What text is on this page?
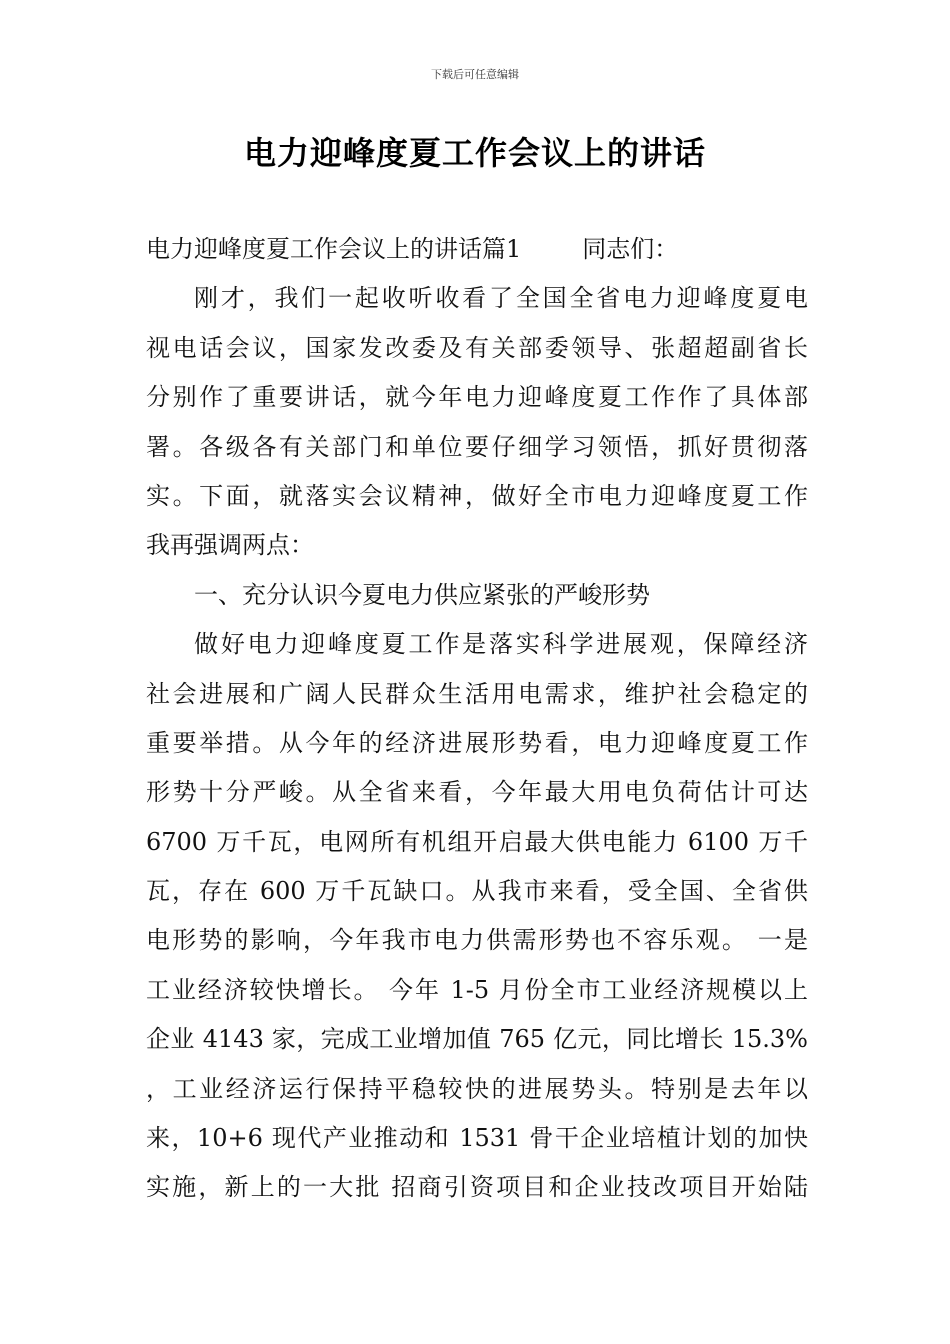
下载后可任意编辑
电力迎峰度夏工作会议上的讲话
电力迎峰度夏工作会议上的讲话篇1        同志们：
刚才，我们一起收听收看了全国全省电力迎峰度夏电
视电话会议，国家发改委及有关部委领导、张超超副省长
分别作了重要讲话，就今年电力迎峰度夏工作作了具体部
署。各级各有关部门和单位要仔细学习领悟，抓好贯彻落
实。下面，就落实会议精神，做好全市电力迎峰度夏工作
我再强调两点：
一、充分认识今夏电力供应紧张的严峻形势
做好电力迎峰度夏工作是落实科学进展观，保障经济
社会进展和广阔人民群众生活用电需求，维护社会稳定的
重要举措。从今年的经济进展形势看，电力迎峰度夏工作
形势十分严峻。从全省来看，今年最大用电负荷估计可达
6700 万千瓦，电网所有机组开启最大供电能力 6100 万千
瓦，存在 600 万千瓦缺口。从我市来看，受全国、全省供
电形势的影响，今年我市电力供需形势也不容乐观。 一是
工业经济较快增长。 今年 1-5 月份全市工业经济规模以上
企业 4143 家，完成工业增加值 765 亿元，同比增长 15.3%
，工业经济运行保持平稳较快的进展势头。特别是去年以
来，10+6 现代产业推动和 1531 骨干企业培植计划的加快
实施，新上的一大批 招商引资项目和企业技改项目开始陆
